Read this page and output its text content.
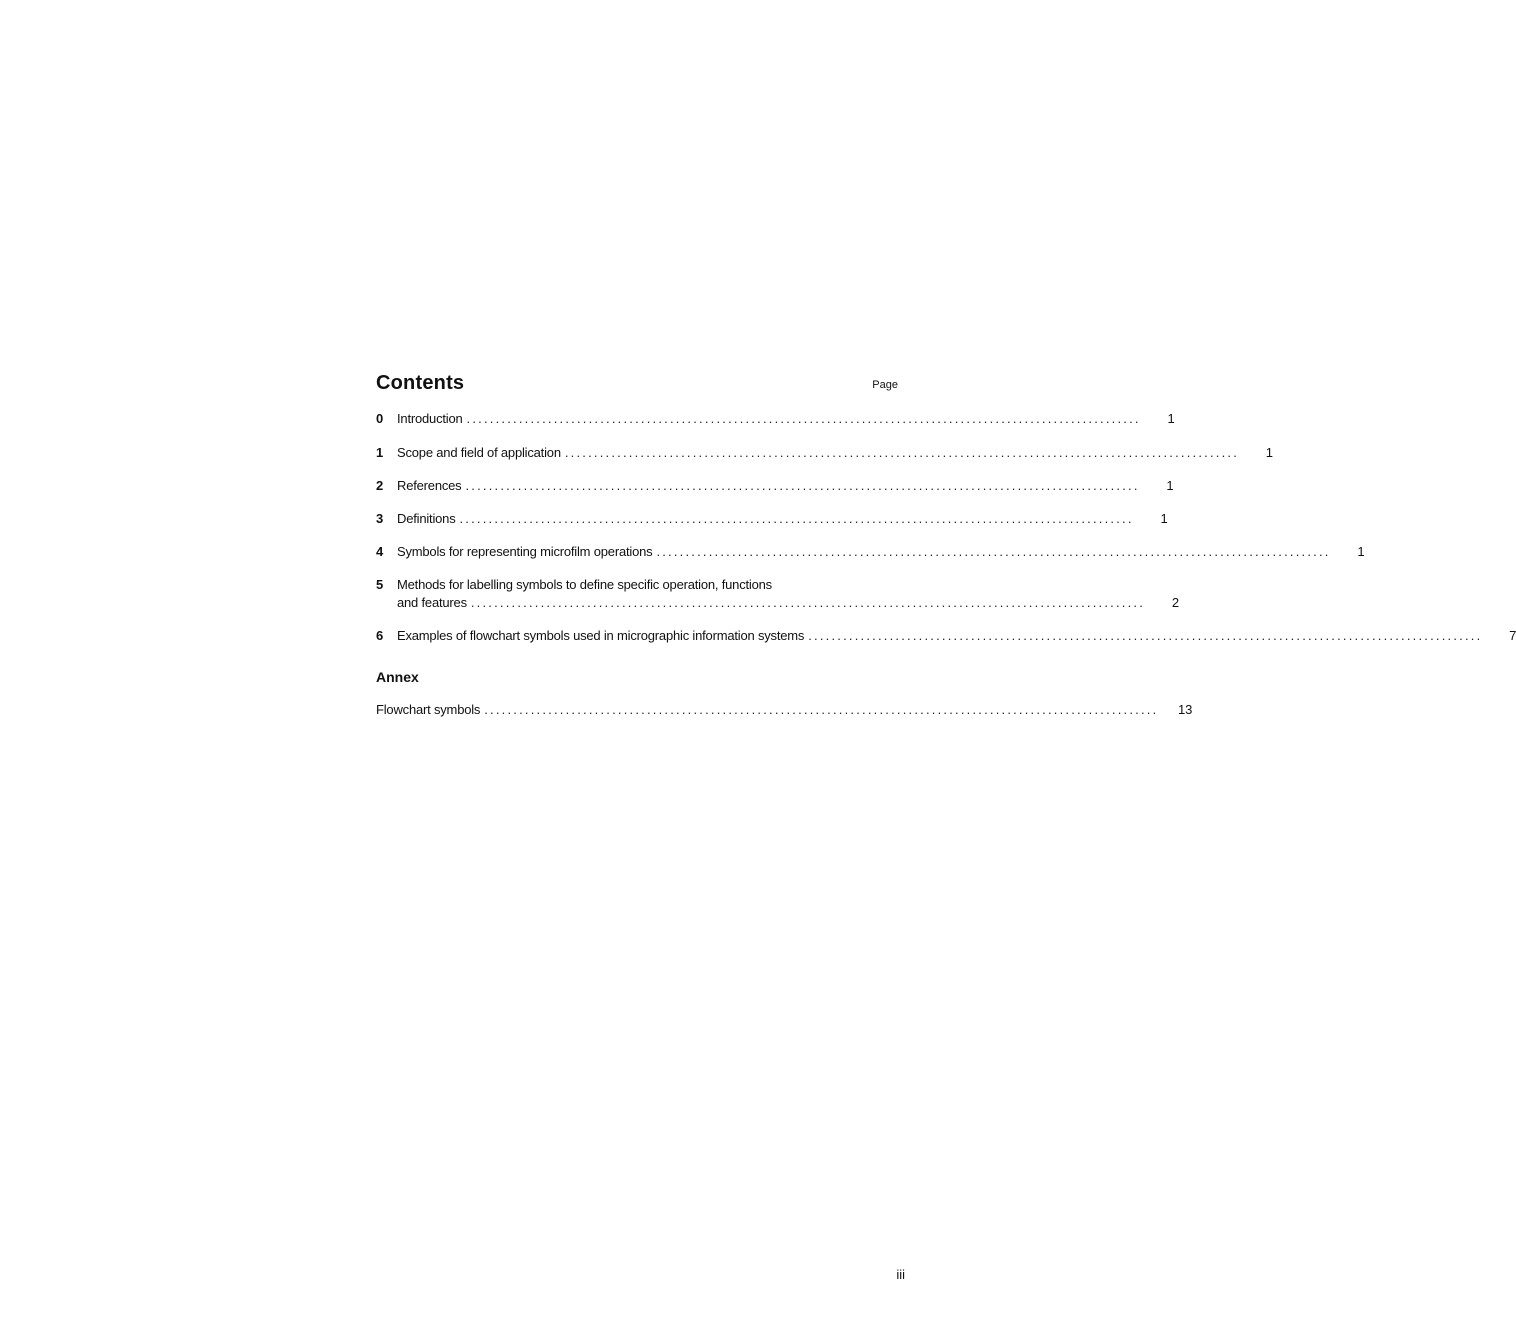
Contents	Page
0	Introduction ....................................................................................................................	1
1	Scope and field of application ....................................................................................................................	1
2	References ....................................................................................................................	1
3	Definitions ....................................................................................................................	1
4	Symbols for representing microfilm operations ....................................................................................................................	1
5	Methods for labelling symbols to define specific operation, functions
and features ....................................................................................................................	2
6	Examples of flowchart symbols used in micrographic information systems ....................................................................................................................	7
Annex
Flowchart symbols ....................................................................................................................	13
iii
